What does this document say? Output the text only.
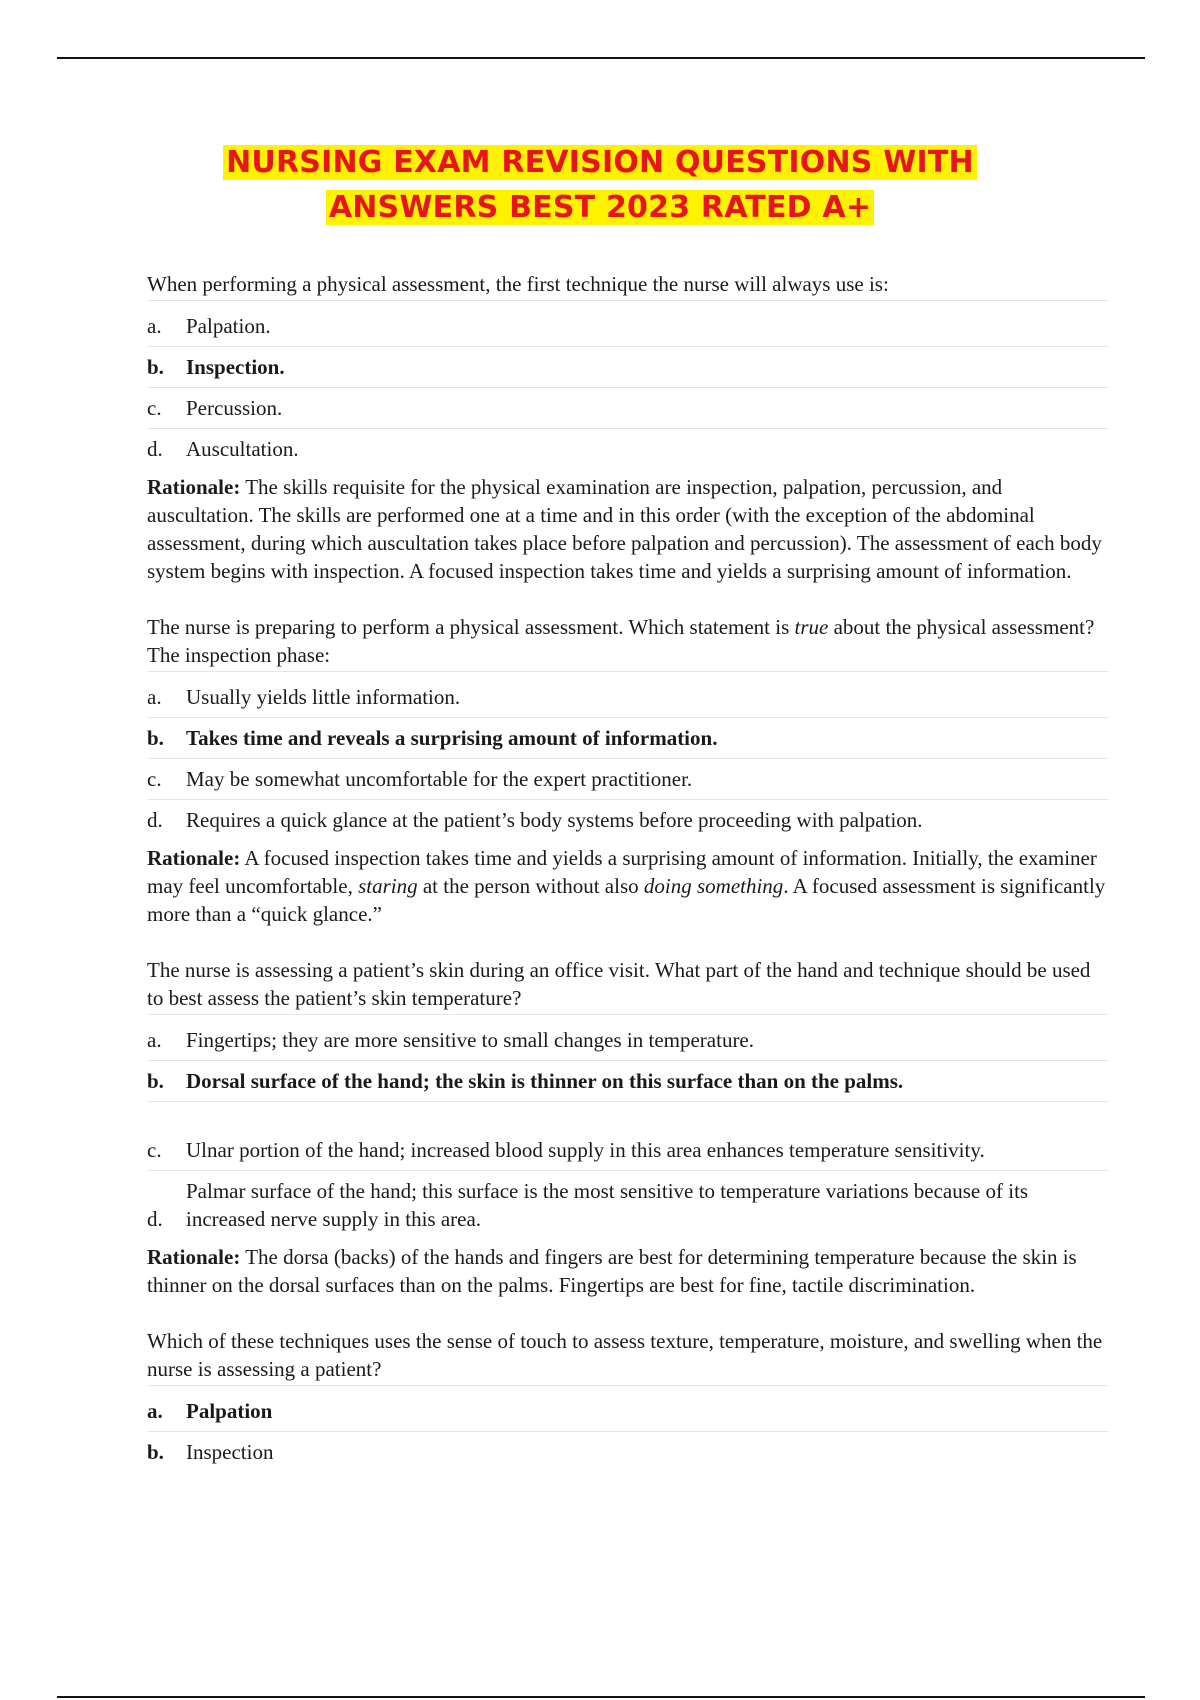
NURSING EXAM REVISION QUESTIONS WITH
ANSWERS BEST 2023 RATED A+
When performing a physical assessment, the first technique the nurse will always use is:
a.	Palpation.
b.	Inspection.
c.	Percussion.
d.	Auscultation.
Rationale: The skills requisite for the physical examination are inspection, palpation, percussion, and auscultation. The skills are performed one at a time and in this order (with the exception of the abdominal assessment, during which auscultation takes place before palpation and percussion). The assessment of each body system begins with inspection. A focused inspection takes time and yields a surprising amount of information.
The nurse is preparing to perform a physical assessment. Which statement is true about the physical assessment? The inspection phase:
a.	Usually yields little information.
b.	Takes time and reveals a surprising amount of information.
c.	May be somewhat uncomfortable for the expert practitioner.
d.	Requires a quick glance at the patient’s body systems before proceeding with palpation.
Rationale: A focused inspection takes time and yields a surprising amount of information. Initially, the examiner may feel uncomfortable, staring at the person without also doing something. A focused assessment is significantly more than a “quick glance.”
The nurse is assessing a patient’s skin during an office visit. What part of the hand and technique should be used to best assess the patient’s skin temperature?
a.	Fingertips; they are more sensitive to small changes in temperature.
b.	Dorsal surface of the hand; the skin is thinner on this surface than on the palms.
c.	Ulnar portion of the hand; increased blood supply in this area enhances temperature sensitivity.
d.
Palmar surface of the hand; this surface is the most sensitive to temperature variations because of its increased nerve supply in this area.
Rationale: The dorsa (backs) of the hands and fingers are best for determining temperature because the skin is thinner on the dorsal surfaces than on the palms. Fingertips are best for fine, tactile discrimination.
Which of these techniques uses the sense of touch to assess texture, temperature, moisture, and swelling when the nurse is assessing a patient?
a.	Palpation
b.	Inspection
